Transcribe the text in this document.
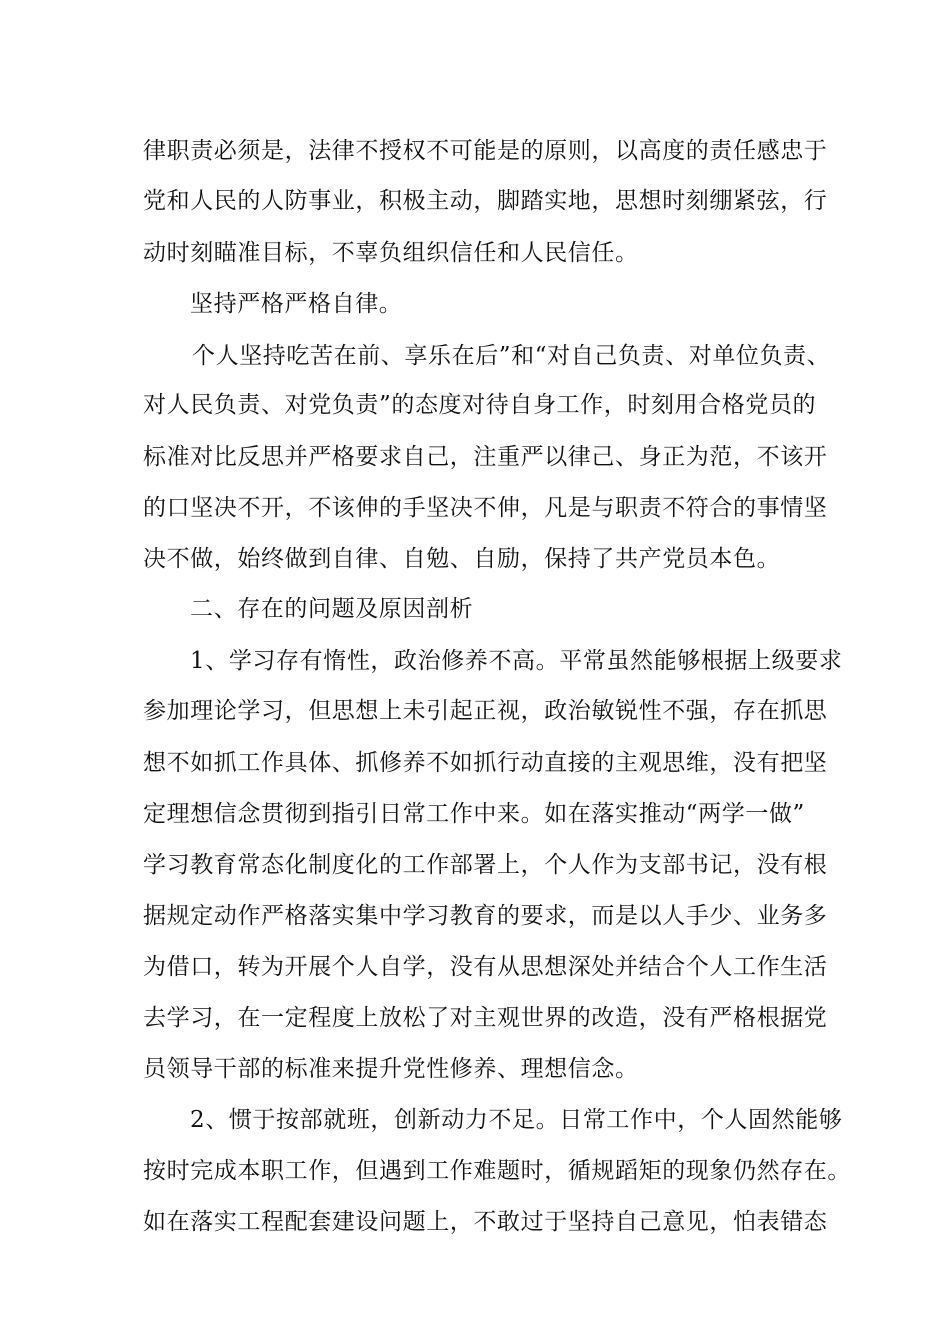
律职责必须是，法律不授权不可能是的原则，以高度的责任感忠于
党和人民的人防事业，积极主动，脚踏实地，思想时刻绷紧弦，行
动时刻瞄准目标，不辜负组织信任和人民信任。
坚持严格严格自律。
个人坚持吃苦在前、享乐在后”和“对自己负责、对单位负责、
对人民负责、对党负责”的态度对待自身工作，时刻用合格党员的
标准对比反思并严格要求自己，注重严以律己、身正为范，不该开
的口坚决不开，不该伸的手坚决不伸，凡是与职责不符合的事情坚
决不做，始终做到自律、自勉、自励，保持了共产党员本色。
二、存在的问题及原因剖析
1、学习存有惰性，政治修养不高。平常虽然能够根据上级要求
参加理论学习，但思想上未引起正视，政治敏锐性不强，存在抓思
想不如抓工作具体、抓修养不如抓行动直接的主观思维，没有把坚
定理想信念贯彻到指引日常工作中来。如在落实推动“两学一做”
学习教育常态化制度化的工作部署上，个人作为支部书记，没有根
据规定动作严格落实集中学习教育的要求，而是以人手少、业务多
为借口，转为开展个人自学，没有从思想深处并结合个人工作生活
去学习，在一定程度上放松了对主观世界的改造，没有严格根据党
员领导干部的标准来提升党性修养、理想信念。
2、惯于按部就班，创新动力不足。日常工作中，个人固然能够
按时完成本职工作，但遇到工作难题时，循规蹈矩的现象仍然存在。
如在落实工程配套建设问题上，不敢过于坚持自己意见，怕表错态
